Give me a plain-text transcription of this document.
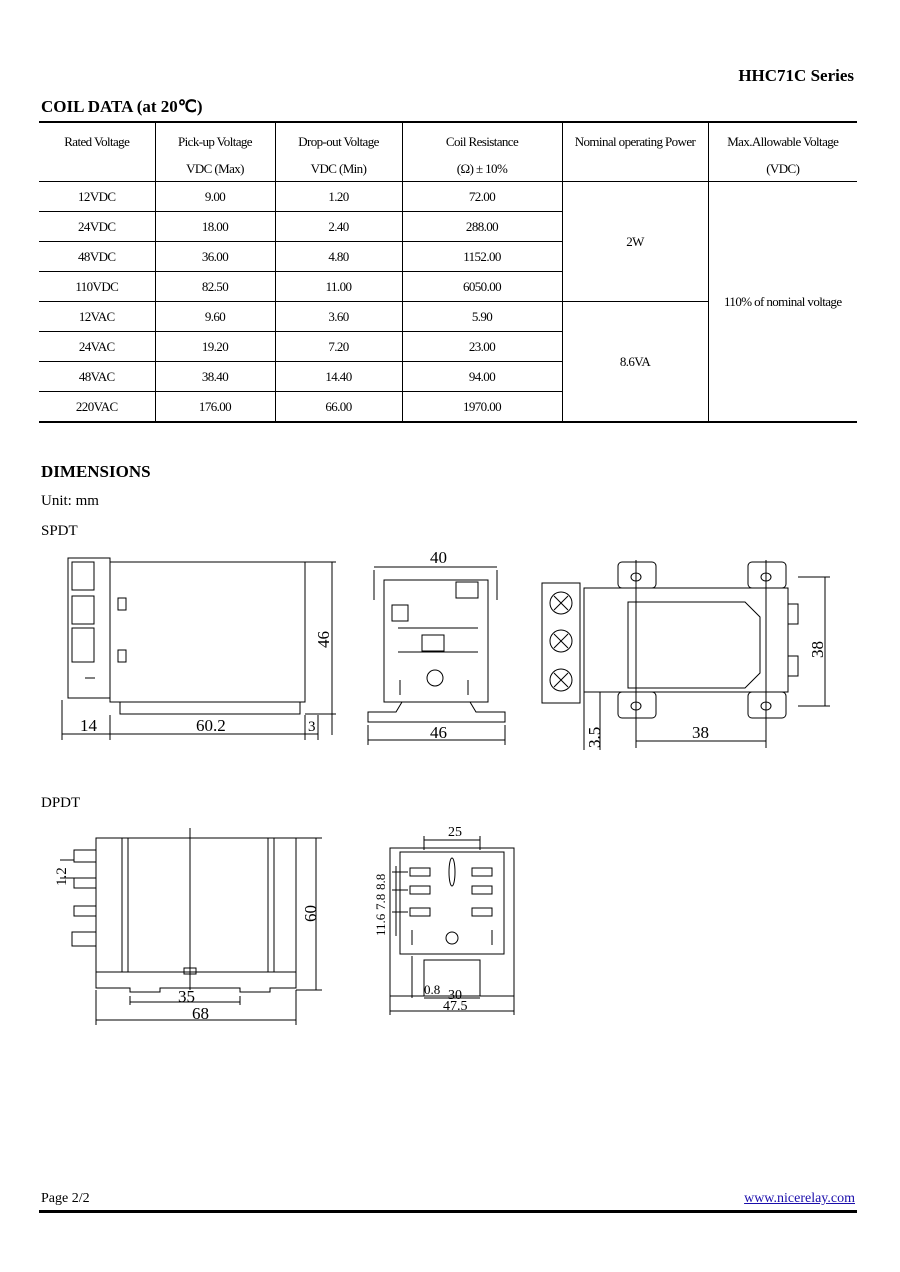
HHC71C Series
COIL DATA (at 20℃)
Rated Voltage	Pick-up Voltage	Drop-out Voltage	Coil Resistance	Nominal operating Power	Max.Allowable Voltage
	VDC (Max)	VDC (Min)	(Ω) ± 10%		(VDC)
12VDC	9.00	1.20	72.00	2W	110% of nominal voltage
24VDC	18.00	2.40	288.00		
48VDC	36.00	4.80	1152.00		
110VDC	82.50	11.00	6050.00		
12VAC	9.60	3.60	5.90	8.6VA	
24VAC	19.20	7.20	23.00		
48VAC	38.40	14.40	94.00		
220VAC	176.00	66.00	1970.00		
DIMENSIONS
Unit: mm
SPDT
DPDT
14	60.2	3
46
40
46	38
38
3.5
60
1.2
35
68
25
8.8
7.8
11.6
0.8 30
47.5
Page 2/2	www.nicerelay.com
